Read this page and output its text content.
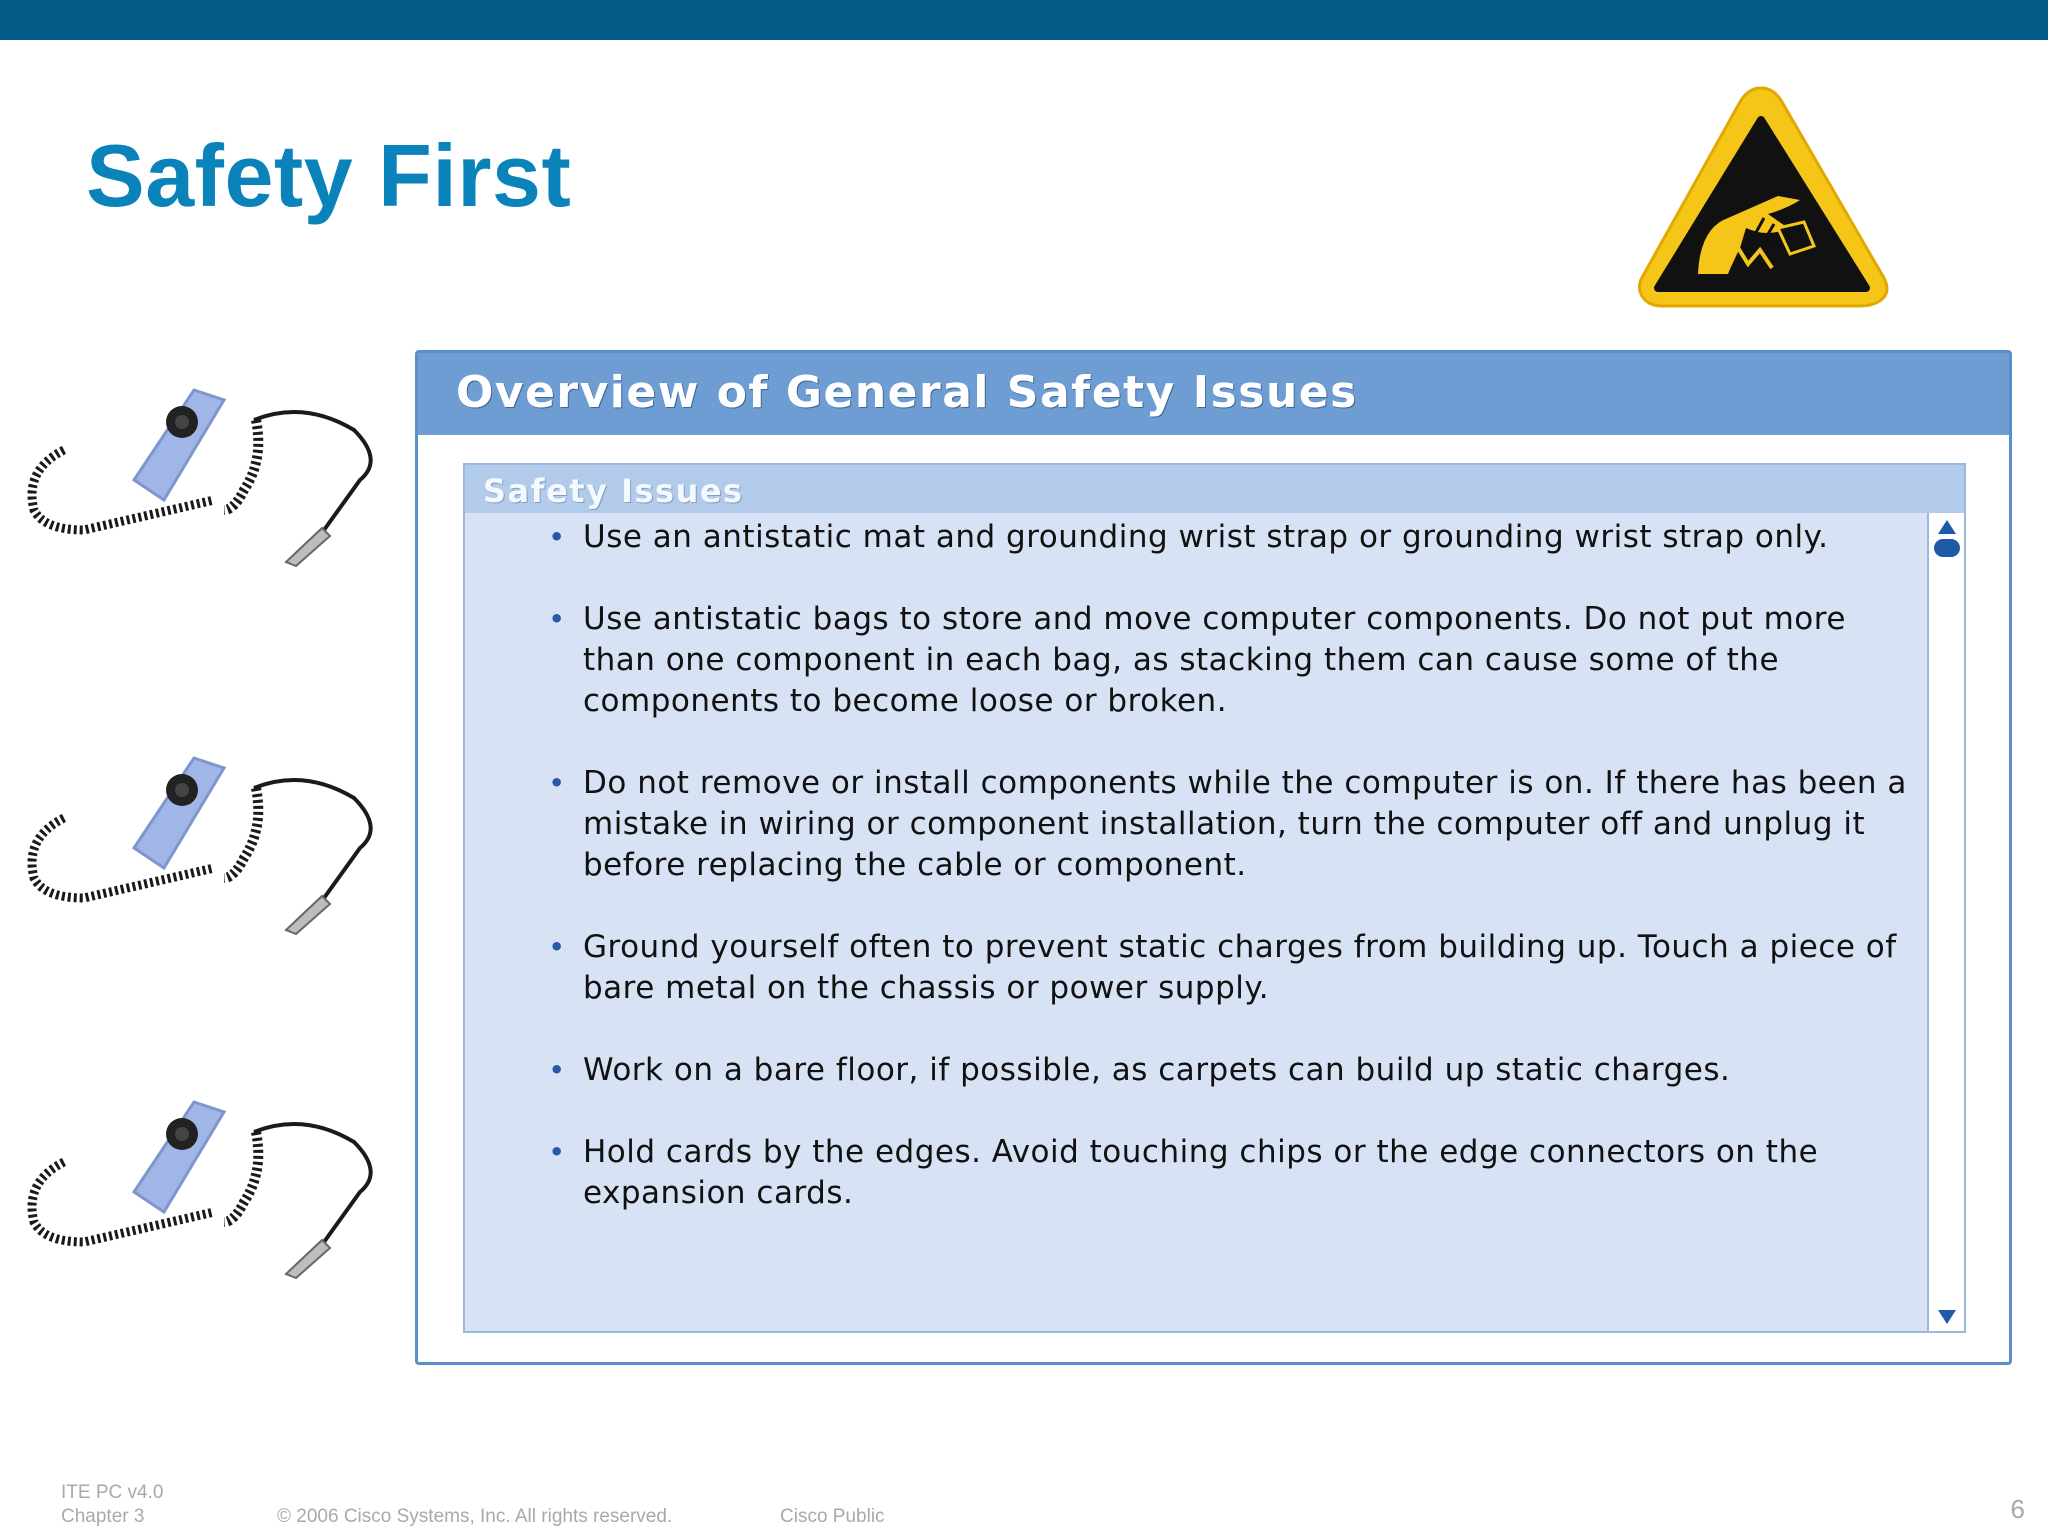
Safety First
Overview of General Safety Issues
Safety Issues
• Use an antistatic mat and grounding wrist strap or grounding wrist strap only.
• Use antistatic bags to store and move computer components. Do not put more than one component in each bag, as stacking them can cause some of the components to become loose or broken.
• Do not remove or install components while the computer is on. If there has been a mistake in wiring or component installation, turn the computer off and unplug it before replacing the cable or component.
• Ground yourself often to prevent static charges from building up. Touch a piece of bare metal on the chassis or power supply.
• Work on a bare floor, if possible, as carpets can build up static charges.
• Hold cards by the edges. Avoid touching chips or the edge connectors on the expansion cards.
ITE PC v4.0
Chapter 3	© 2006 Cisco Systems, Inc. All rights reserved.	Cisco Public	6
